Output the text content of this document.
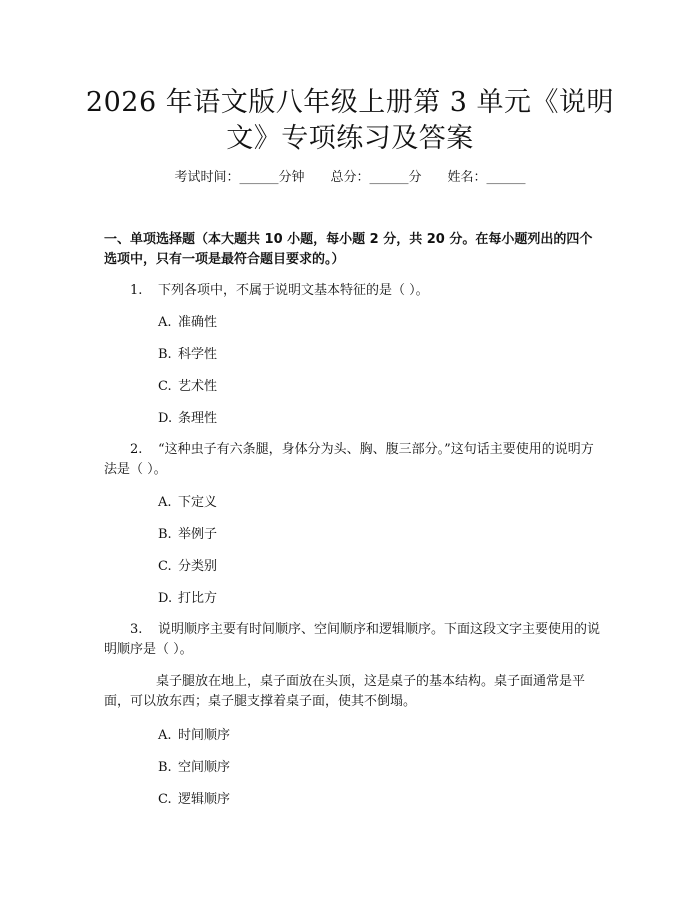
2026 年语文版八年级上册第 3 单元《说明
文》专项练习及答案
考试时间：______分钟 总分：______分 姓名：______

一、单项选择题（本大题共 10 小题，每小题 2 分，共 20 分。在每小题列出的四个选项中，只有一项是最符合题目要求的。）

1. 下列各项中，不属于说明文基本特征的是（ ）。

A. 准确性
B. 科学性
C. 艺术性
D. 条理性

2. “这种虫子有六条腿，身体分为头、胸、腹三部分。”这句话主要使用的说明方法是（ ）。

A. 下定义
B. 举例子
C. 分类别
D. 打比方

3. 说明顺序主要有时间顺序、空间顺序和逻辑顺序。下面这段文字主要使用的说明顺序是（ ）。

桌子腿放在地上，桌子面放在头顶，这是桌子的基本结构。桌子面通常是平面，可以放东西；桌子腿支撑着桌子面，使其不倒塌。

A. 时间顺序
B. 空间顺序
C. 逻辑顺序
